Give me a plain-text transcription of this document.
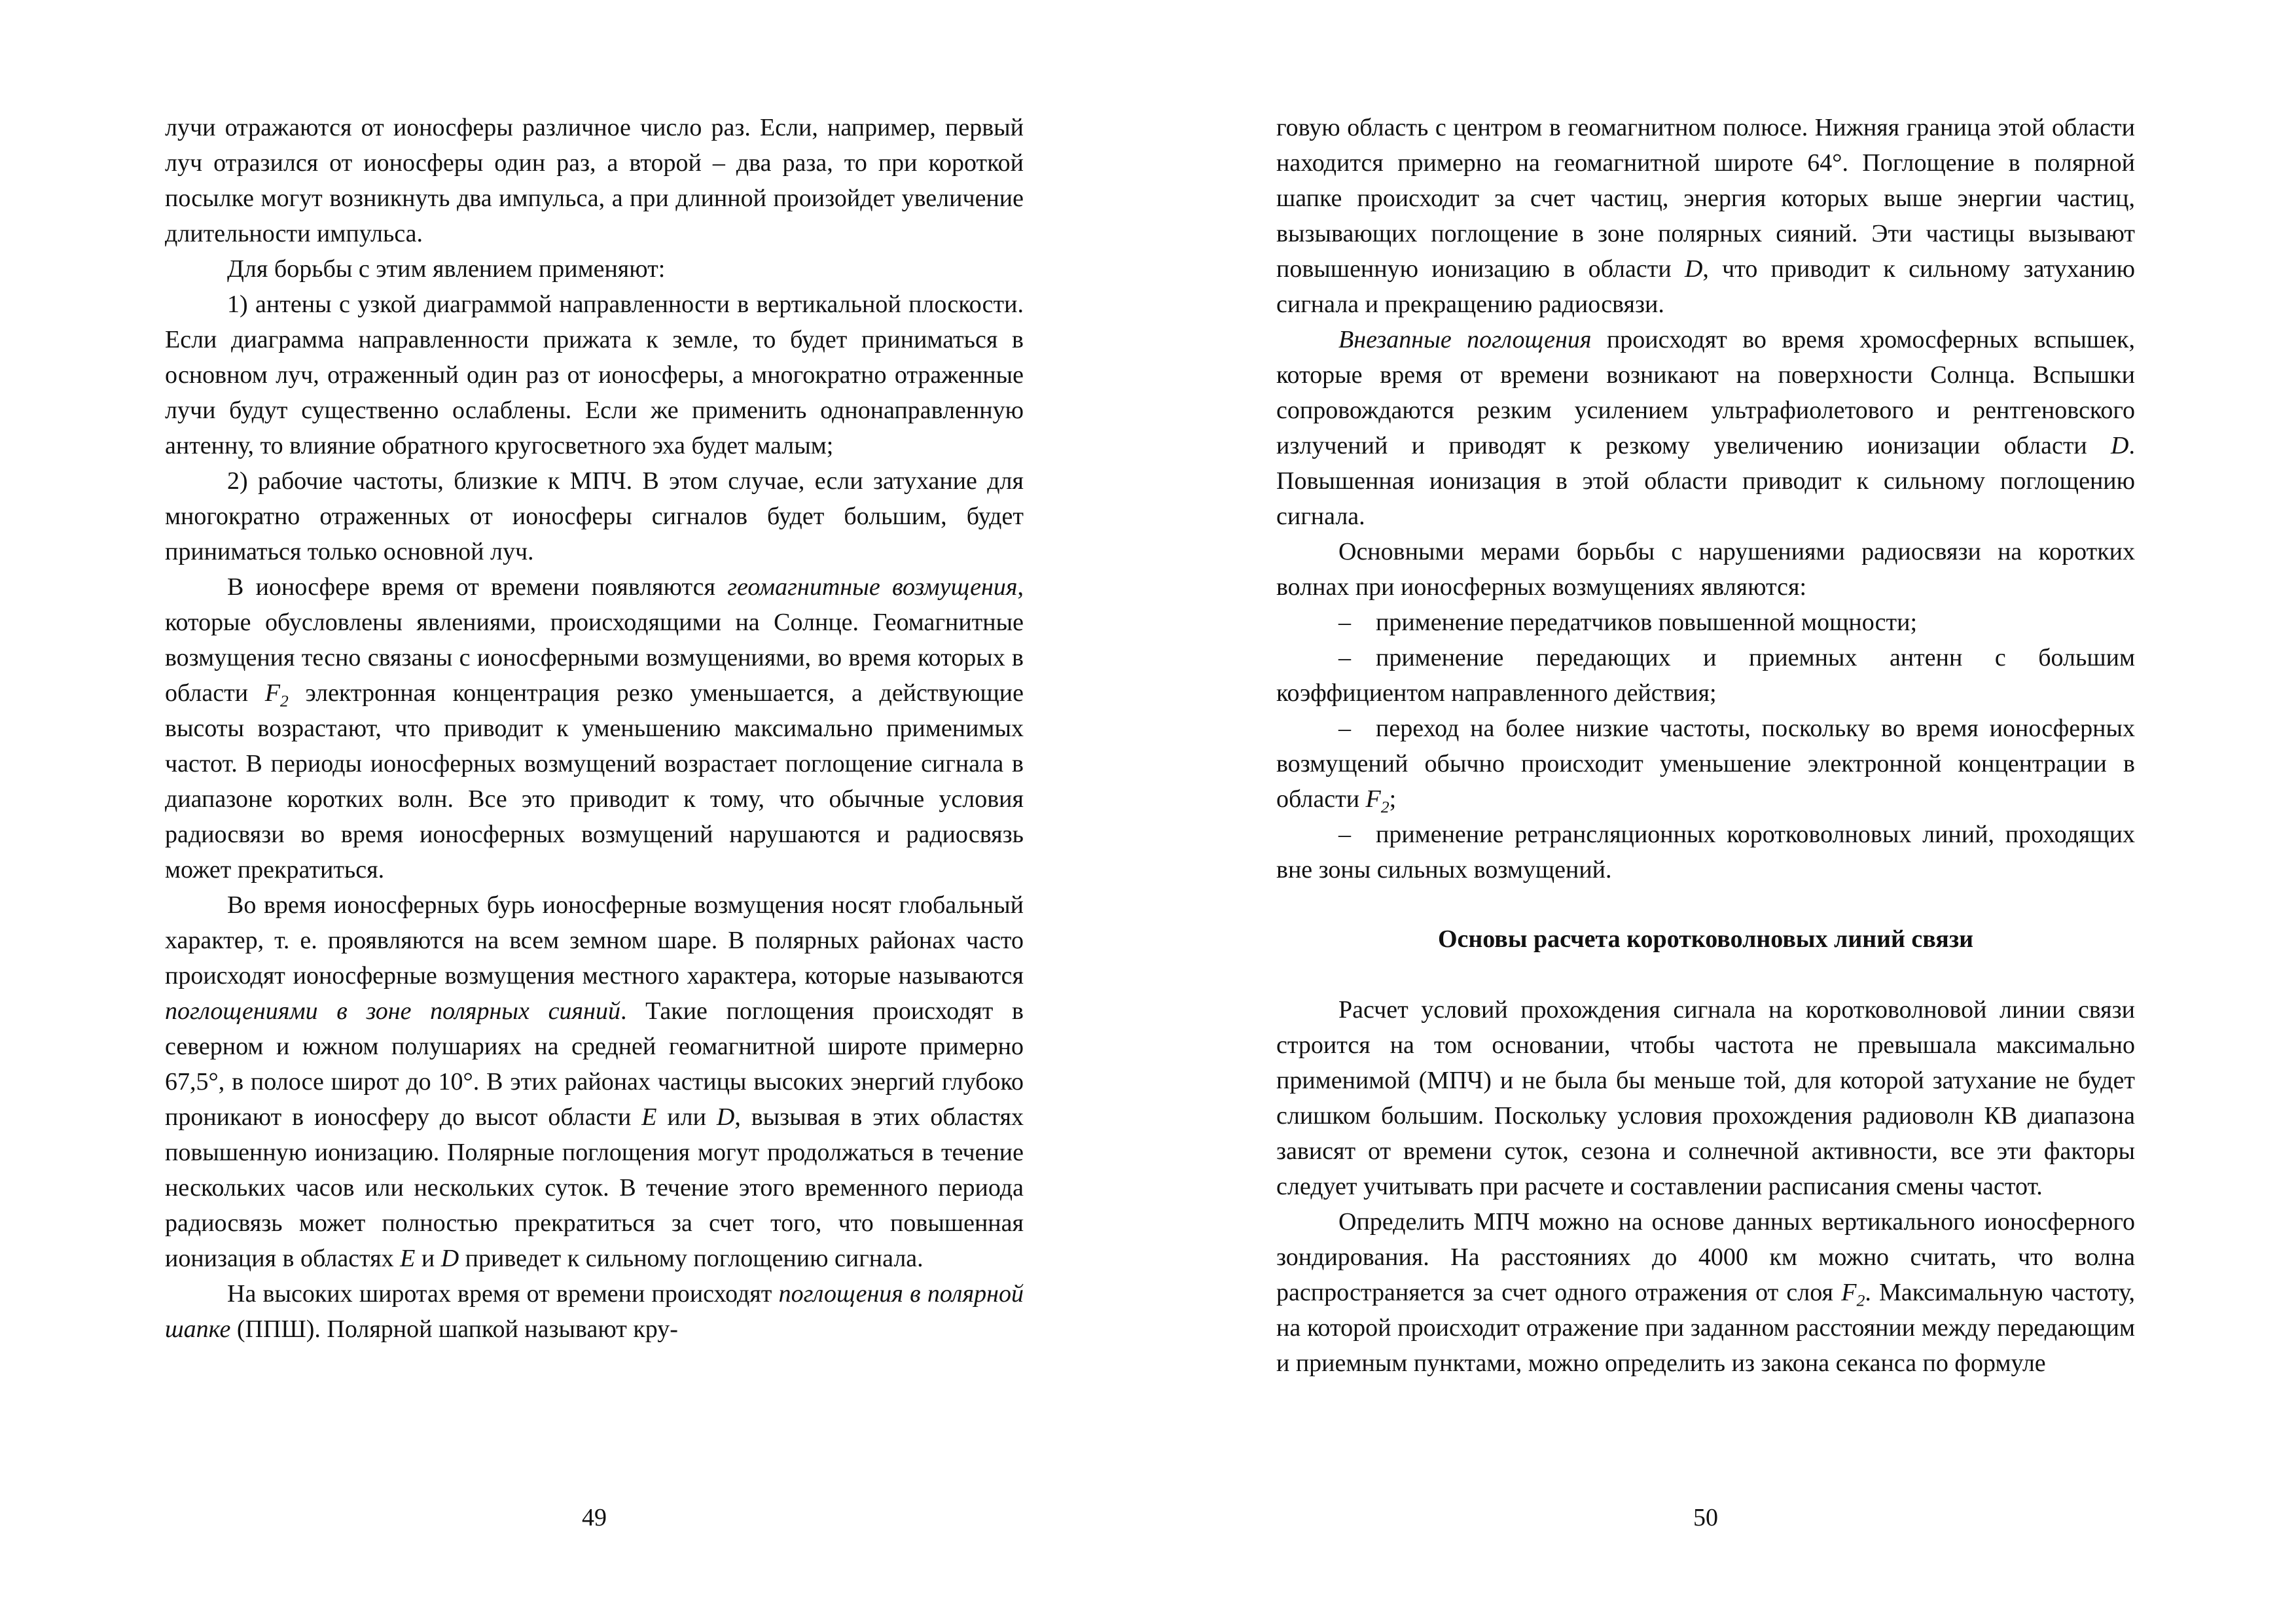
лучи отражаются от ионосферы различное число раз. Если, например, первый луч отразился от ионосферы один раз, а второй – два раза, то при короткой посылке могут возникнуть два импульса, а при длинной произойдет увеличение длительности импульса.

Для борьбы с этим явлением применяют:

1) антены с узкой диаграммой направленности в вертикальной плоскости. Если диаграмма направленности прижата к земле, то будет приниматься в основном луч, отраженный один раз от ионосферы, а многократно отраженные лучи будут существенно ослаблены. Если же применить однонаправленную антенну, то влияние обратного кругосветного эха будет малым;

2) рабочие частоты, близкие к МПЧ. В этом случае, если затухание для многократно отраженных от ионосферы сигналов будет большим, будет приниматься только основной луч.

В ионосфере время от времени появляются геомагнитные возмущения, которые обусловлены явлениями, происходящими на Солнце. Геомагнитные возмущения тесно связаны с ионосферными возмущениями, во время которых в области $F_2$ электронная концентрация резко уменьшается, а действующие высоты возрастают, что приводит к уменьшению максимально применимых частот. В периоды ионосферных возмущений возрастает поглощение сигнала в диапазоне коротких волн. Все это приводит к тому, что обычные условия радиосвязи во время ионосферных возмущений нарушаются и радиосвязь может прекратиться.

Во время ионосферных бурь ионосферные возмущения носят глобальный характер, т. е. проявляются на всем земном шаре. В полярных районах часто происходят ионосферные возмущения местного характера, которые называются поглощениями в зоне полярных сияний. Такие поглощения происходят в северном и южном полушариях на средней геомагнитной широте примерно 67,5°, в полосе широт до 10°. В этих районах частицы высоких энергий глубоко проникают в ионосферу до высот области E или D, вызывая в этих областях повышенную ионизацию. Полярные поглощения могут продолжаться в течение нескольких часов или нескольких суток. В течение этого временного периода радиосвязь может полностью прекратиться за счет того, что повышенная ионизация в областях E и D приведет к сильному поглощению сигнала.

На высоких широтах время от времени происходят поглощения в полярной шапке (ППШ). Полярной шапкой называют кру-

49

говую область с центром в геомагнитном полюсе. Нижняя граница этой области находится примерно на геомагнитной широте 64°. Поглощение в полярной шапке происходит за счет частиц, энергия которых выше энергии частиц, вызывающих поглощение в зоне полярных сияний. Эти частицы вызывают повышенную ионизацию в области D, что приводит к сильному затуханию сигнала и прекращению радиосвязи.

Внезапные поглощения происходят во время хромосферных вспышек, которые время от времени возникают на поверхности Солнца. Вспышки сопровождаются резким усилением ультрафиолетового и рентгеновского излучений и приводят к резкому увеличению ионизации области D. Повышенная ионизация в этой области приводит к сильному поглощению сигнала.

Основными мерами борьбы с нарушениями радиосвязи на коротких волнах при ионосферных возмущениях являются:

– применение передатчиков повышенной мощности;

– применение передающих и приемных антенн с большим коэффициентом направленного действия;

– переход на более низкие частоты, поскольку во время ионосферных возмущений обычно происходит уменьшение электронной концентрации в области $F_2$;

– применение ретрансляционных коротковолновых линий, проходящих вне зоны сильных возмущений.

Основы расчета коротковолновых линий связи

Расчет условий прохождения сигнала на коротковолновой линии связи строится на том основании, чтобы частота не превышала максимально применимой (МПЧ) и не была бы меньше той, для которой затухание не будет слишком большим. Поскольку условия прохождения радиоволн КВ диапазона зависят от времени суток, сезона и солнечной активности, все эти факторы следует учитывать при расчете и составлении расписания смены частот.

Определить МПЧ можно на основе данных вертикального ионосферного зондирования. На расстояниях до 4000 км можно считать, что волна распространяется за счет одного отражения от слоя $F_2$. Максимальную частоту, на которой происходит отражение при заданном расстоянии между передающим и приемным пунктами, можно определить из закона секанса по формуле

50
